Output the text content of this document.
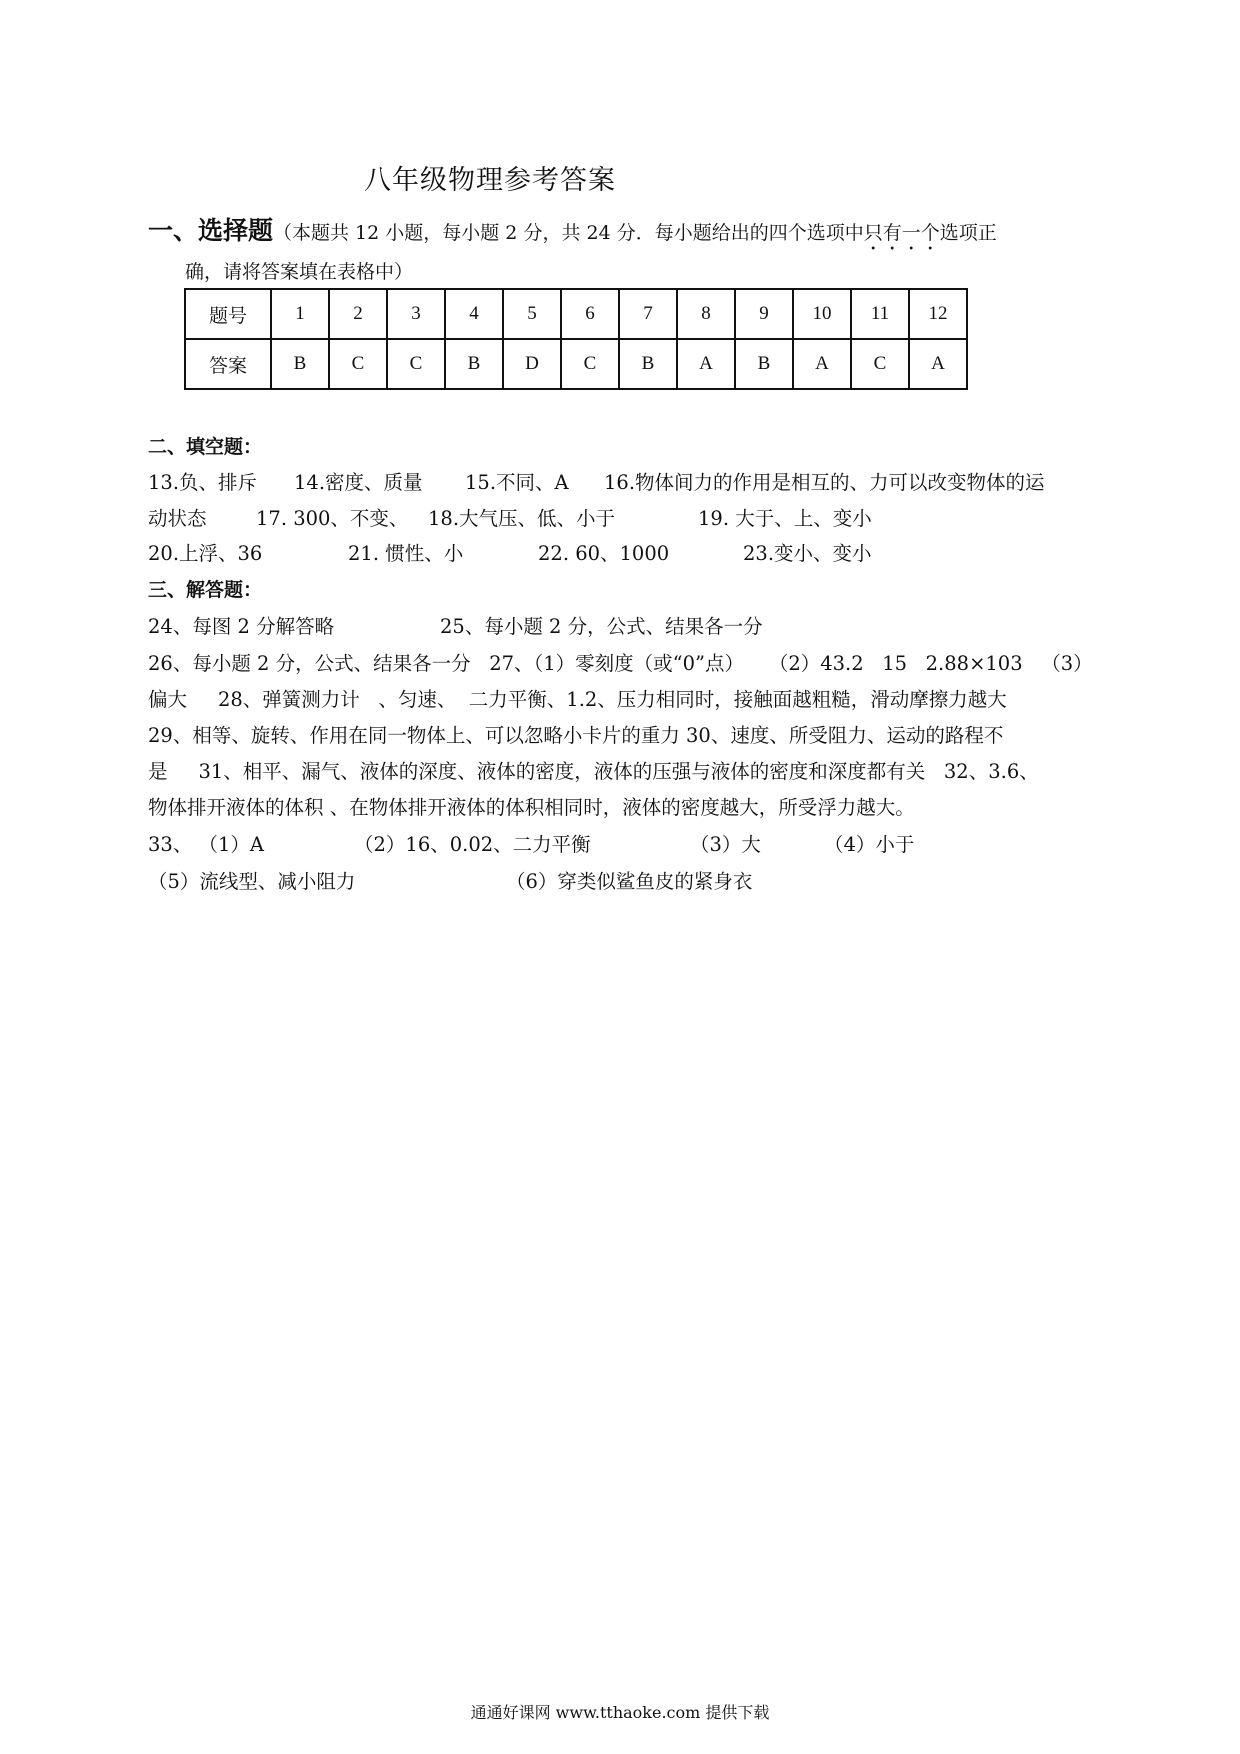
八年级物理参考答案
一、选择题（本题共 12 小题，每小题 2 分，共 24 分．每小题给出的四个选项中只有一个选项正
确，请将答案填在表格中）
题号	1	2	3	4	5	6	7	8	9	10	11	12
答案	B	C	C	B	D	C	B	A	B	A	C	A
二、填空题：

13.负、排斥

14.密度、质量

15.不同、A

16.物体间力的作用是相互的、力可以改变物体的运

动状态

	17. 300、不变、

18.大气压、低、小于

	19. 大于、上、变小

20.上浮、36

	21. 惯性、小

	22. 60、1000

	23.变小、变小

三、解答题：

24、每图 2 分解答略

	25、每小题 2 分，公式、结果各一分

26、每小题 2 分，公式、结果各一分   27、（1）零刻度（或“0”点）    （2）43.2   15   2.88×103   （3）
偏大     28、弹簧测力计   、匀速、  二力平衡、1.2、压力相同时，接触面越粗糙，滑动摩擦力越大
29、相等、旋转、作用在同一物体上、可以忽略小卡片的重力 30、速度、所受阻力、运动的路程不
是     31、相平、漏气、液体的深度、液体的密度，液体的压强与液体的密度和深度都有关   32、3.6、
物体排开液体的体积 、在物体排开液体的体积相同时，液体的密度越大，所受浮力越大。

33、 （1）A

	（2）16、0.02、二力平衡

	（3）大

	（4）小于

（5）流线型、减小阻力

	（6）穿类似鲨鱼皮的紧身衣

通通好课网 www.tthaoke.com 提供下载
